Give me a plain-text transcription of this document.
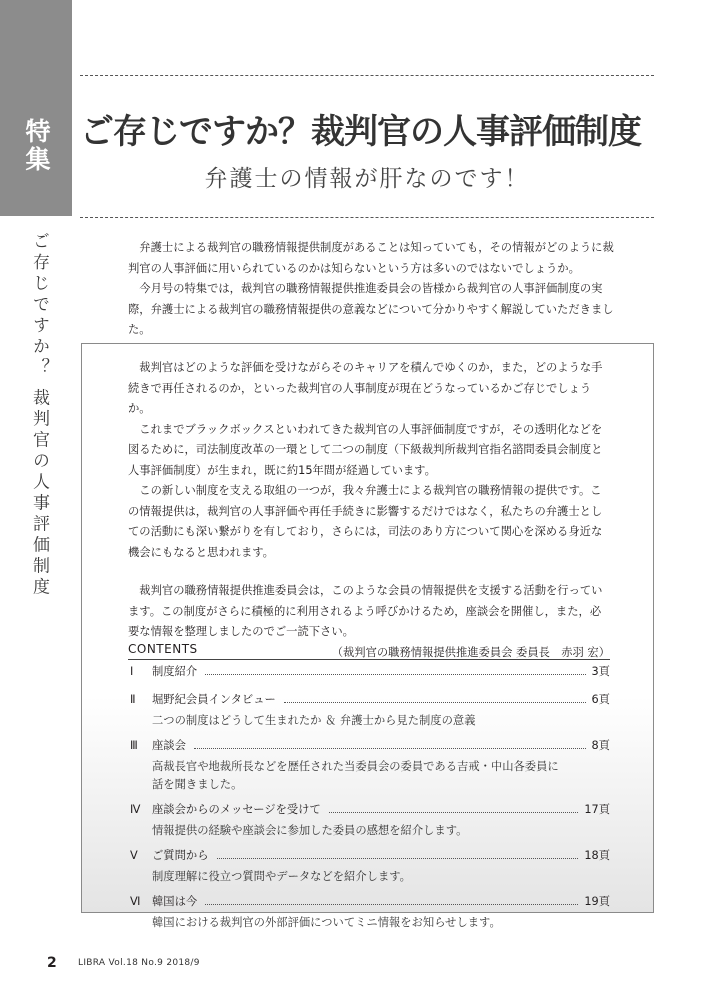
特集
ご存じですか？ 裁判官の人事評価制度
ご存じですか？裁判官の人事評価制度
弁護士の情報が肝なのです！

弁護士による裁判官の職務情報提供制度があることは知っていても，その情報がどのように裁判官の人事評価に用いられているのかは知らないという方は多いのではないでしょうか。

今月号の特集では，裁判官の職務情報提供推進委員会の皆様から裁判官の人事評価制度の実際，弁護士による裁判官の職務情報提供の意義などについて分かりやすく解説していただきました。

裁判官はどのような評価を受けながらそのキャリアを積んでゆくのか，また，どのような手続きで再任されるのか，といった裁判官の人事制度が現在どうなっているかご存じでしょうか。

これまでブラックボックスといわれてきた裁判官の人事評価制度ですが，その透明化などを図るために，司法制度改革の一環として二つの制度（下級裁判所裁判官指名諮問委員会制度と人事評価制度）が生まれ，既に約15年間が経過しています。

この新しい制度を支える取組の一つが，我々弁護士による裁判官の職務情報の提供です。この情報提供は，裁判官の人事評価や再任手続きに影響するだけではなく，私たちの弁護士としての活動にも深い繋がりを有しており，さらには，司法のあり方について関心を深める身近な機会にもなると思われます。

裁判官の職務情報提供推進委員会は，このような会員の情報提供を支援する活動を行っています。この制度がさらに積極的に利用されるよう呼びかけるため，座談会を開催し，また，必要な情報を整理しましたのでご一読下さい。

（裁判官の職務情報提供推進委員会 委員長　赤羽 宏）
CONTENTS
Ⅰ	制度紹介	3頁
Ⅱ	堀野紀会員インタビュー	6頁
二つの制度はどうして生まれたか ＆ 弁護士から見た制度の意義
Ⅲ	座談会	8頁
高裁長官や地裁所長などを歴任された当委員会の委員である吉戒・中山各委員に
話を聞きました。
Ⅳ	座談会からのメッセージを受けて	17頁
情報提供の経験や座談会に参加した委員の感想を紹介します。
Ⅴ	ご質問から	18頁
制度理解に役立つ質問やデータなどを紹介します。
Ⅵ	韓国は今	19頁
韓国における裁判官の外部評価についてミニ情報をお知らせします。
2 LIBRA Vol.18 No.9 2018/9
